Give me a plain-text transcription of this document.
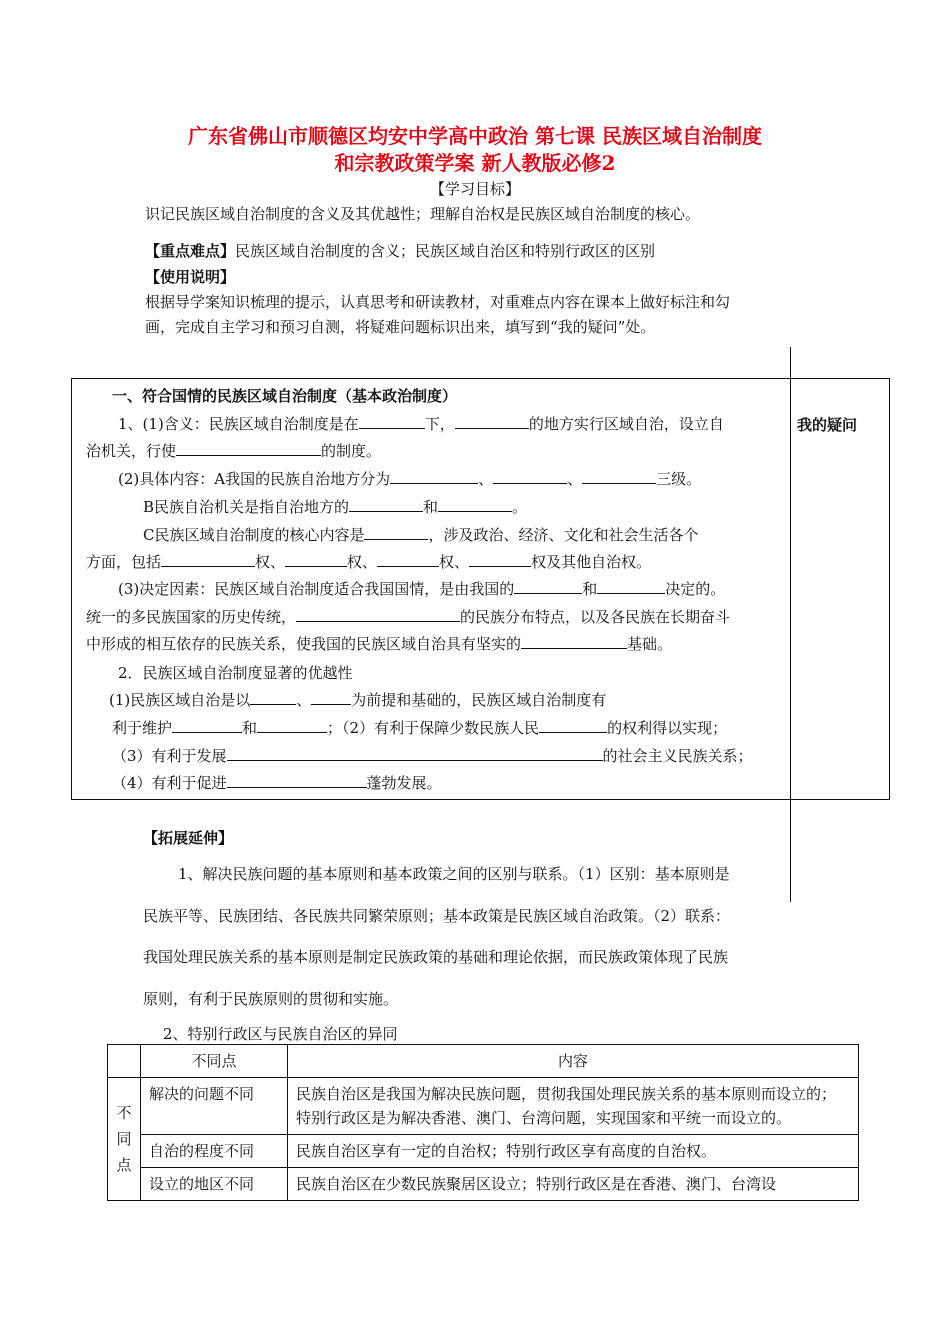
广东省佛山市顺德区均安中学高中政治 第七课 民族区域自治制度
和宗教政策学案 新人教版必修2
【学习目标】
识记民族区域自治制度的含义及其优越性；理解自治权是民族区域自治制度的核心。
【重点难点】民族区域自治制度的含义；民族区域自治区和特别行政区的区别
【使用说明】
根据导学案知识梳理的提示，认真思考和研读教材，对重难点内容在课本上做好标注和勾
画，完成自主学习和预习自测，将疑难问题标识出来，填写到“我的疑问”处。
一、符合国情的民族区域自治制度（基本政治制度）
我的疑问
1、(1)含义：民族区域自治制度是在	下，	的地方实行区域自治，设立自
治机关，行使	的制度。
(2)具体内容：A我国的民族自治地方分为	、	、	三级。
B民族自治机关是指自治地方的	和	。
C民族区域自治制度的核心内容是	，涉及政治、经济、文化和社会生活各个
方面，包括	权、	权、	权、	权及其他自治权。
(3)决定因素：民族区域自治制度适合我国国情，是由我国的	和	决定的。
统一的多民族国家的历史传统，	的民族分布特点，以及各民族在长期奋斗
中形成的相互依存的民族关系，使我国的民族区域自治具有坚实的	基础。
2．民族区域自治制度显著的优越性
(1)民族区域自治是以	、	为前提和基础的，民族区域自治制度有
利于维护	和	；（2）有利于保障少数民族人民	的权利得以实现；
（3）有利于发展	的社会主义民族关系；
（4）有利于促进	蓬勃发展。
【拓展延伸】
1、解决民族问题的基本原则和基本政策之间的区别与联系。（1）区别：基本原则是
民族平等、民族团结、各民族共同繁荣原则；基本政策是民族区域自治政策。（2）联系：
我国处理民族关系的基本原则是制定民族政策的基础和理论依据，而民族政策体现了民族
原则，有利于民族原则的贯彻和实施。
2、特别行政区与民族自治区的异同
	不同点	内容
不
同
点	解决的问题不同	民族自治区是我国为解决民族问题，贯彻我国处理民族关系的基本原则而设立的；特别行政区是为解决香港、澳门、台湾问题，实现国家和平统一而设立的。
	自治的程度不同	民族自治区享有一定的自治权；特别行政区享有高度的自治权。
	设立的地区不同	民族自治区在少数民族聚居区设立；特别行政区是在香港、澳门、台湾设
